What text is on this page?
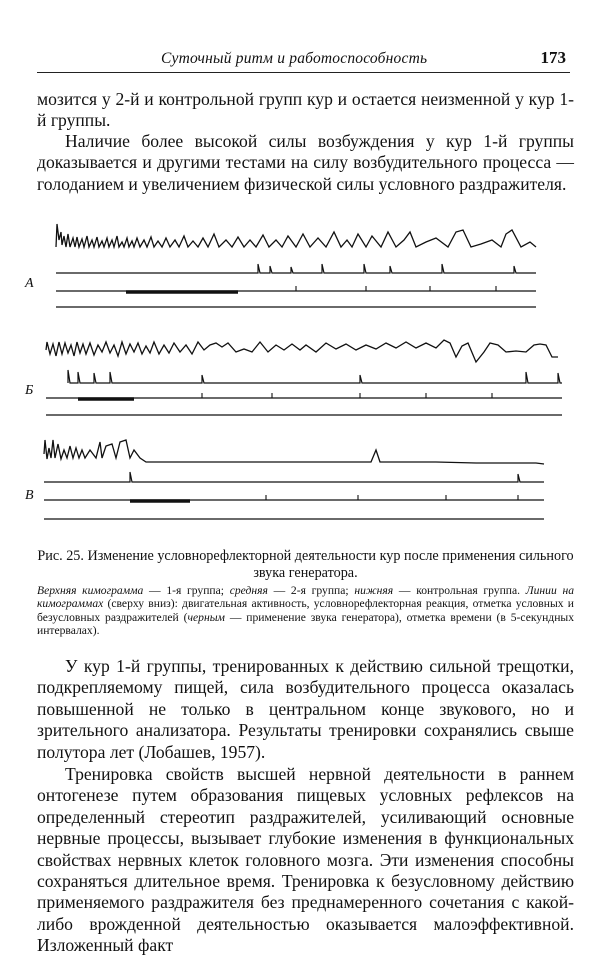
Суточный ритм и работоспособность	173

мозится у 2-й и контрольной групп кур и остается неизменной у кур 1-й группы.

Наличие более высокой силы возбуждения у кур 1-й группы доказывается и другими тестами на силу возбудительного процесса — голоданием и увеличением физической силы условного раздражителя.

А
Б
В

Рис. 25. Изменение условнорефлекторной деятельности кур после применения сильного звука генератора.

Верхняя кимограмма — 1-я группа; средняя — 2-я группа; нижняя — контрольная группа. Линии на кимограммах (сверху вниз): двигательная активность, условнорефлекторная реакция, отметка условных и безусловных раздражителей (черным — применение звука генератора), отметка времени (в 5-секундных интервалах).

У кур 1-й группы, тренированных к действию сильной трещотки, подкрепляемому пищей, сила возбудительного процесса оказалась повышенной не только в центральном конце звукового, но и зрительного анализатора. Результаты тренировки сохранялись свыше полутора лет (Лобашев, 1957).

Тренировка свойств высшей нервной деятельности в раннем онтогенезе путем образования пищевых условных рефлексов на определенный стереотип раздражителей, усиливающий основные нервные процессы, вызывает глубокие изменения в функциональных свойствах нервных клеток головного мозга. Эти изменения способны сохраняться длительное время. Тренировка к безусловному действию применяемого раздражителя без преднамеренного сочетания с какой-либо врожденной деятельностью оказывается малоэффективной. Изложенный факт
